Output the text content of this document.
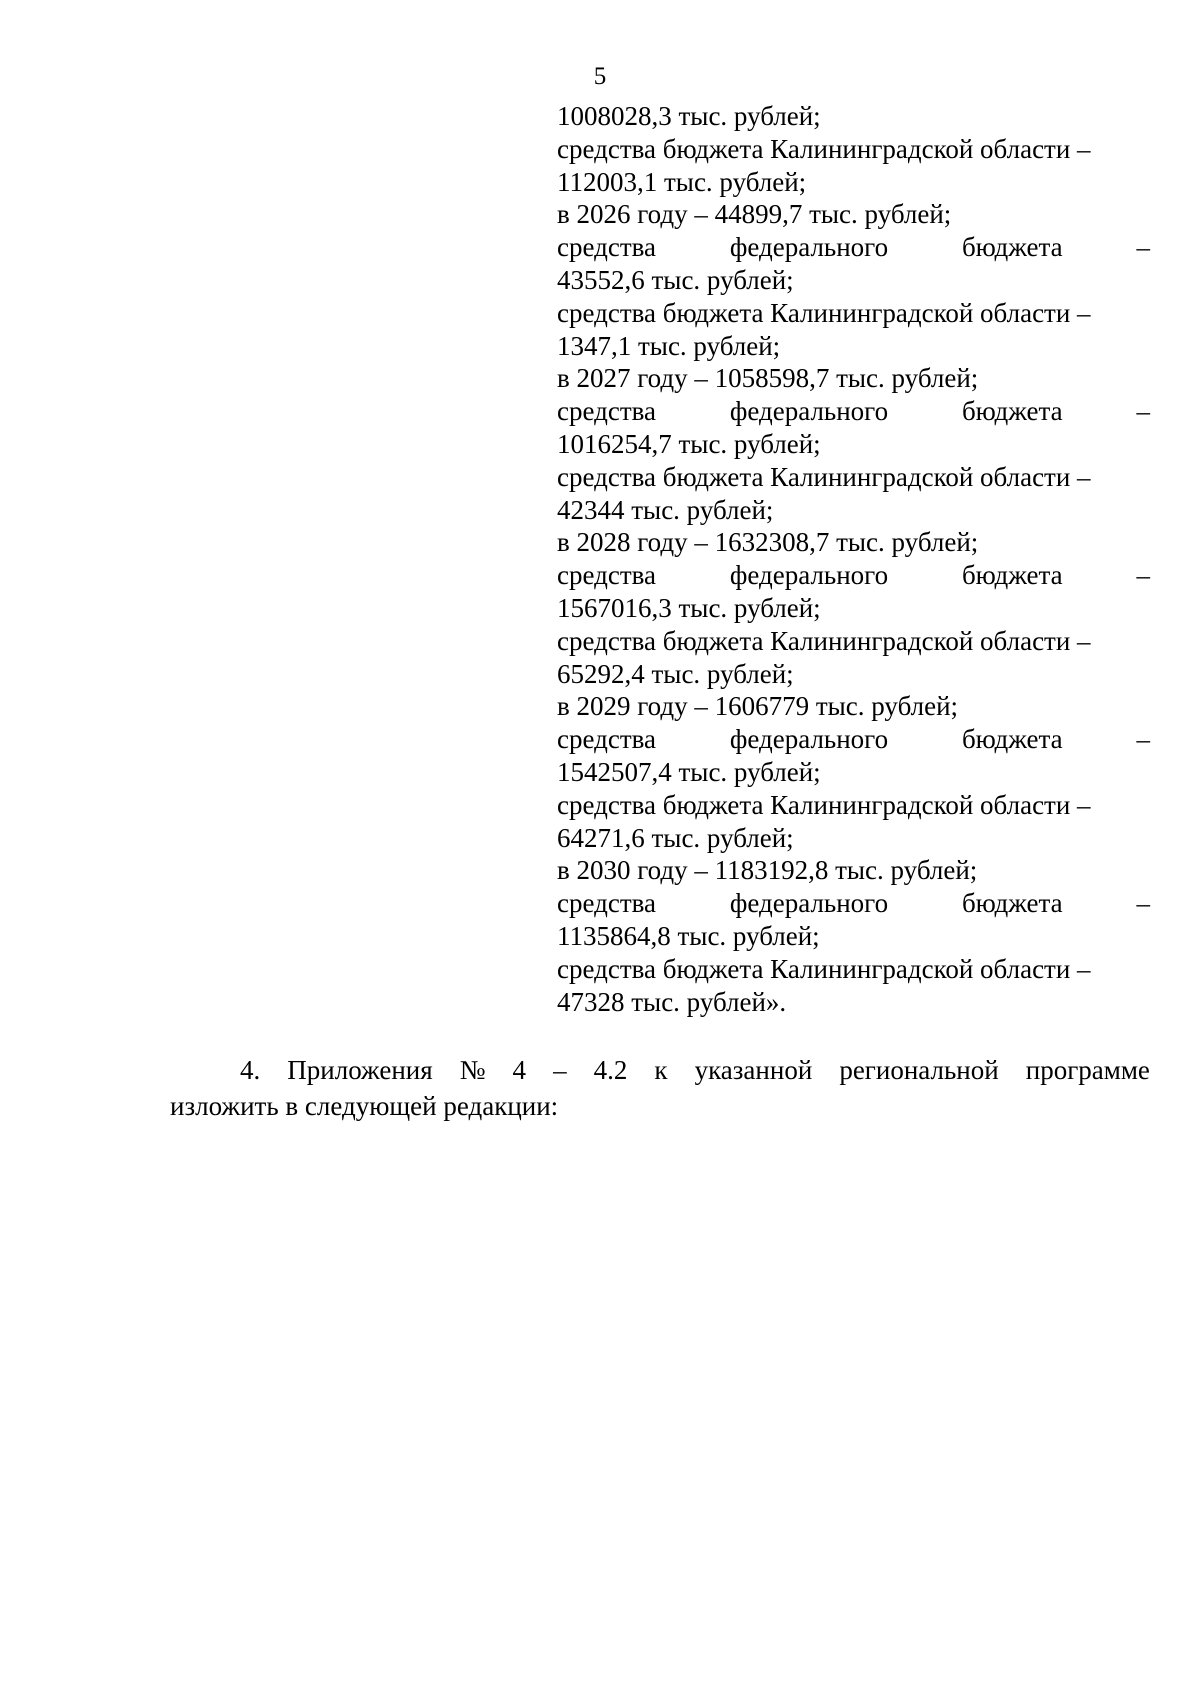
5
1008028,3 тыс. рублей;
средства бюджета Калининградской области –
112003,1 тыс. рублей;
в 2026 году – 44899,7 тыс. рублей;
средства	федерального	бюджета	–
43552,6 тыс. рублей;
средства бюджета Калининградской области –
1347,1 тыс. рублей;
в 2027 году – 1058598,7 тыс. рублей;
средства	федерального	бюджета	–
1016254,7 тыс. рублей;
средства бюджета Калининградской области –
42344 тыс. рублей;
в 2028 году – 1632308,7 тыс. рублей;
средства	федерального	бюджета	–
1567016,3 тыс. рублей;
средства бюджета Калининградской области –
65292,4 тыс. рублей;
в 2029 году – 1606779 тыс. рублей;
средства	федерального	бюджета	–
1542507,4 тыс. рублей;
средства бюджета Калининградской области –
64271,6 тыс. рублей;
в 2030 году – 1183192,8 тыс. рублей;
средства	федерального	бюджета	–
1135864,8 тыс. рублей;
средства бюджета Калининградской области –
47328 тыс. рублей».
4. Приложения № 4 – 4.2 к указанной региональной программе
изложить в следующей редакции:
